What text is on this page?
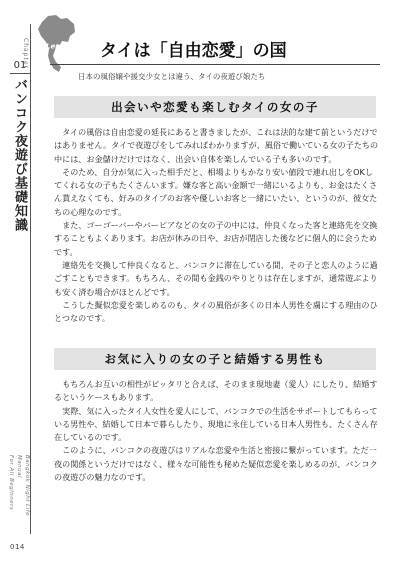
Chapter
01
バンコク夜遊び基礎知識
Bangkok Night Life Manual
For All Beginners
014
Lesson.02 タイは「自由恋愛」の国
日本の風俗嬢や援交少女とは違う、タイの夜遊び娘たち
出会いや恋愛も楽しむタイの女の子

タイの風俗は自由恋愛の延長にあると書きましたが、これは法的な建て前というだけではありません。タイで夜遊びをしてみればわかりますが、風俗で働いている女の子たちの中には、お金儲けだけではなく、出会い自体を楽しんでいる子も多いのです。

そのため、自分が気に入った相手だと、相場よりもかなり安い値段で連れ出しをOKしてくれる女の子もたくさんいます。嫌な客と高い金額で一緒にいるよりも、お金はたくさん貰えなくても、好みのタイプのお客や優しいお客と一緒にいたい、というのが、彼女たちの心理なのです。

また、ゴーゴーバーやバービアなどの女の子の中には、仲良くなった客と連絡先を交換することもよくあります。お店が休みの日や、お店が閉店した後などに個人的に会うためです。

連絡先を交換して仲良くなると、バンコクに滞在している間、その子と恋人のように過ごすこともできます。もちろん、その間も金銭のやりとりは存在しますが、通常遊ぶよりも安く済む場合がほとんどです。

こうした擬似恋愛を楽しめるのも、タイの風俗が多くの日本人男性を虜にする理由のひとつなのです。

お気に入りの女の子と結婚する男性も

もちろんお互いの相性がピッタリと合えば、そのまま現地妻（愛人）にしたり、結婚するというケースもあります。

実際、気に入ったタイ人女性を愛人にして、バンコクでの生活をサポートしてもらっている男性や、結婚して日本で暮らしたり、現地に永住している日本人男性も、たくさん存在しているのです。

このように、バンコクの夜遊びはリアルな恋愛や生活と密接に繋がっています。ただ一夜の関係というだけではなく、様々な可能性も秘めた疑似恋愛を楽しめるのが、バンコクの夜遊びの魅力なのです。
